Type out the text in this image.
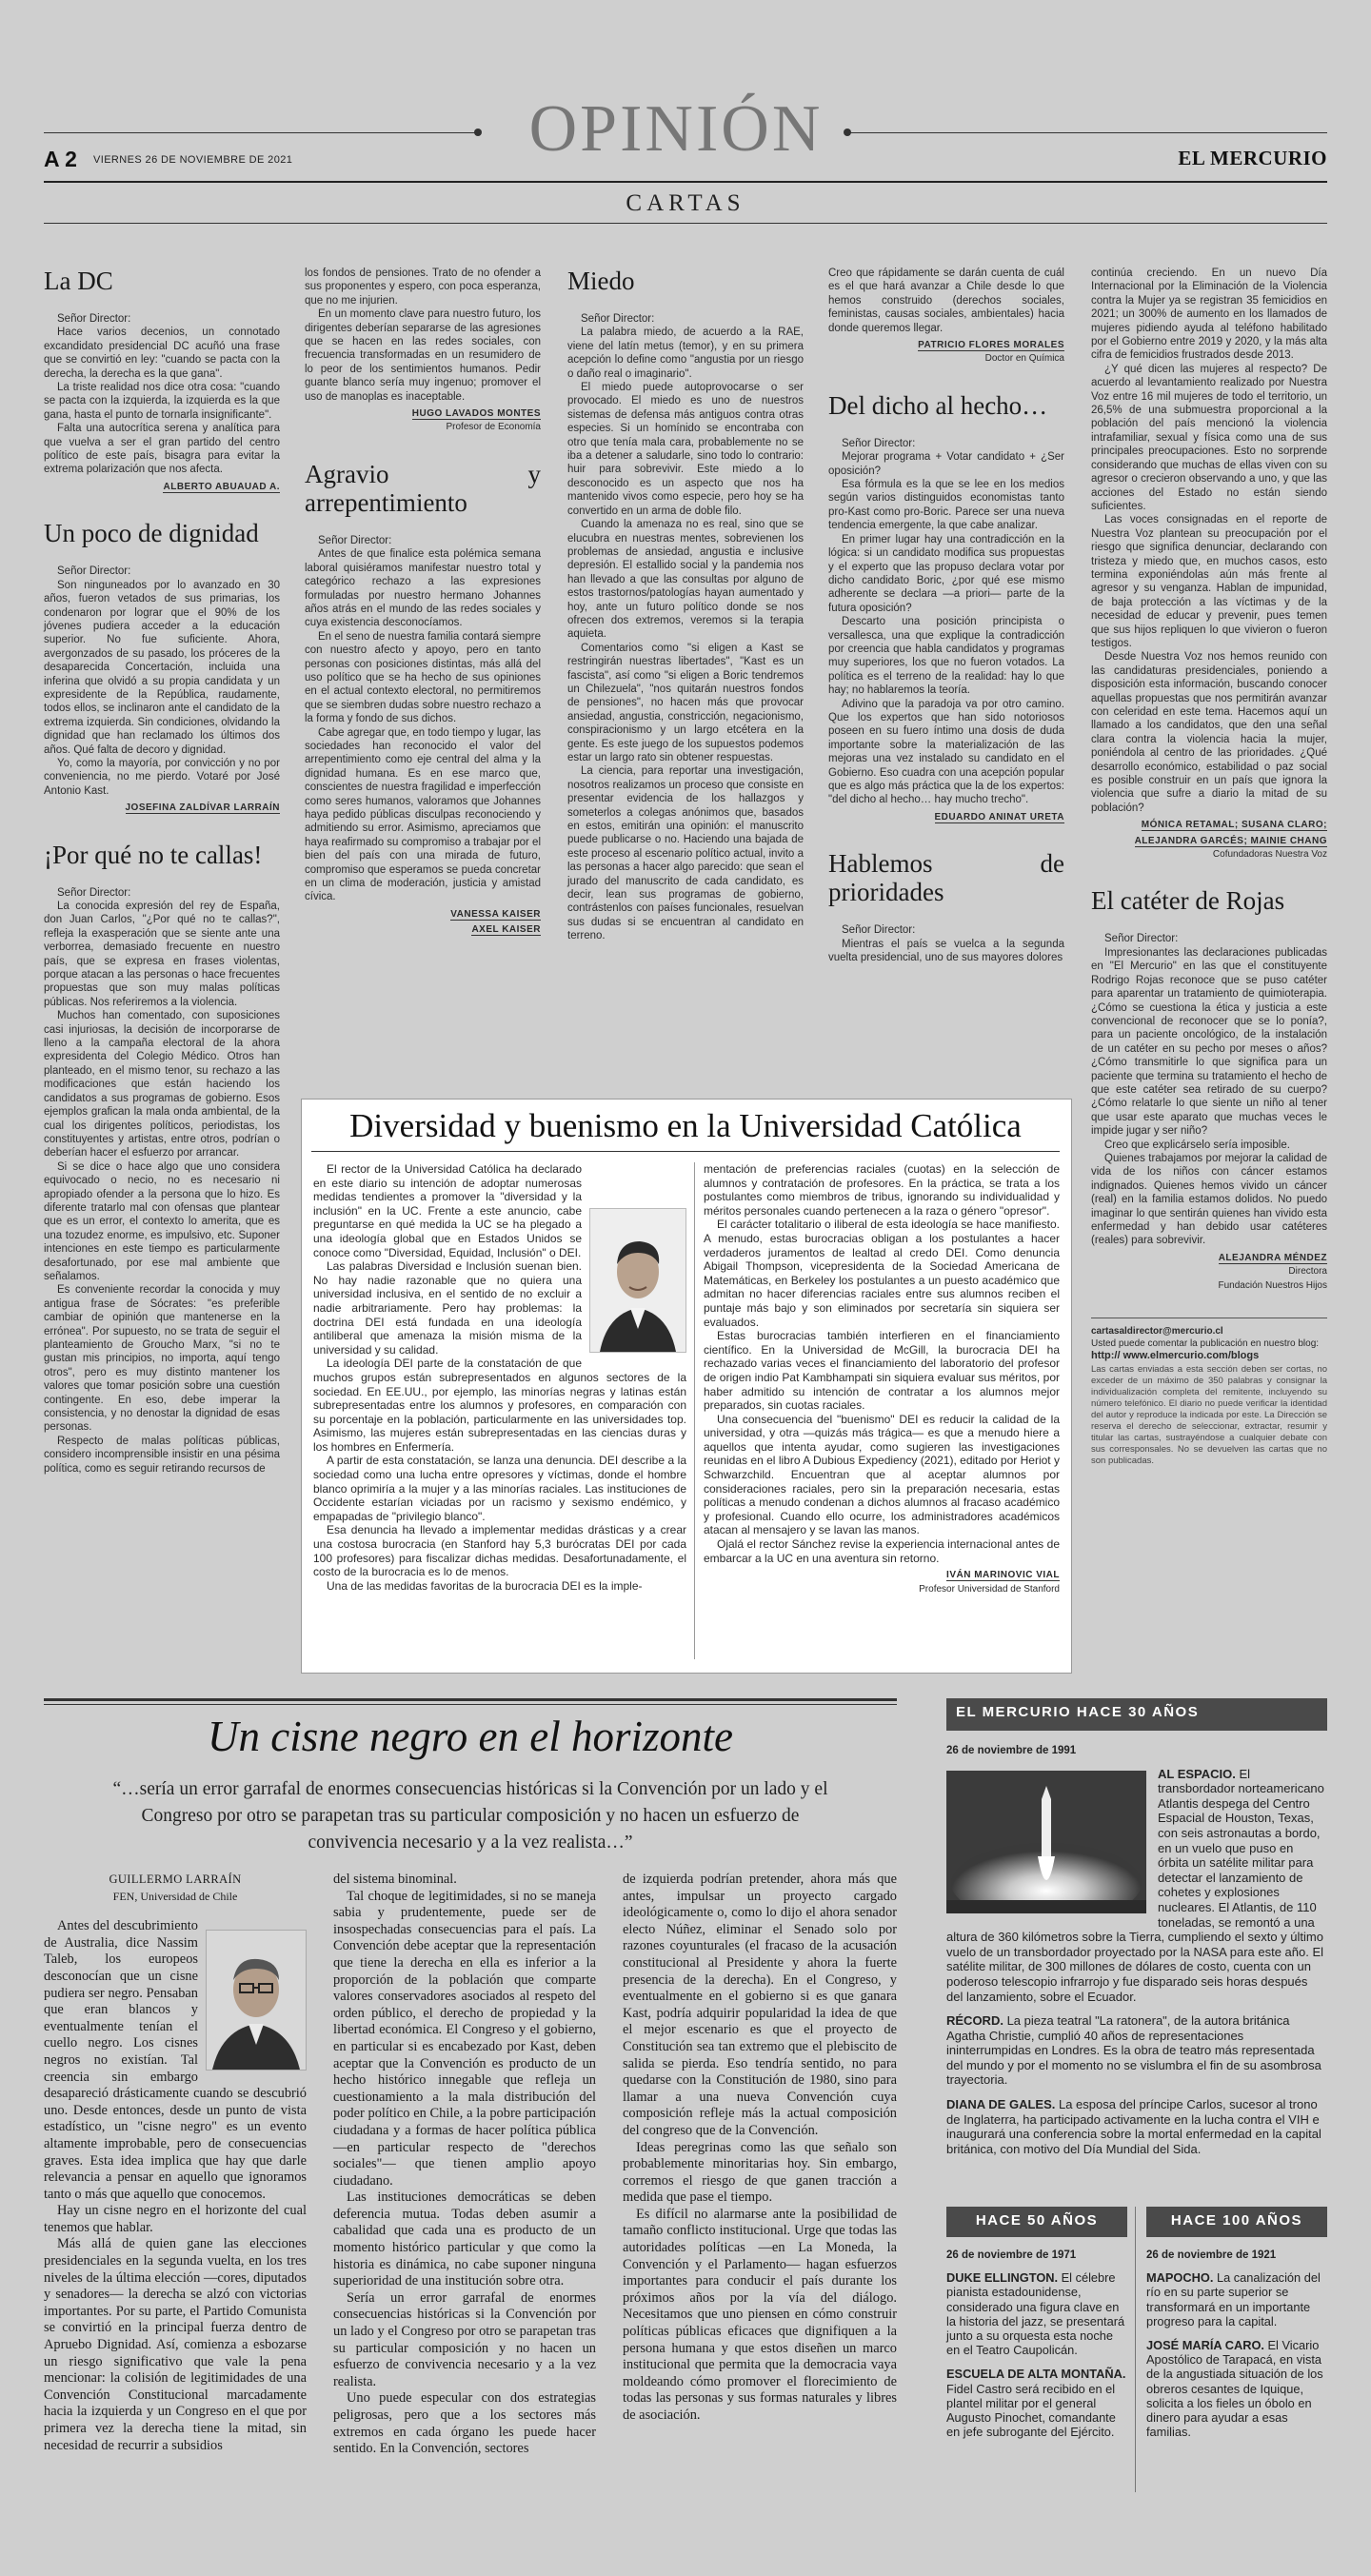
OPINIÓN
A 2 VIERNES 26 DE NOVIEMBRE DE 2021	EL MERCURIO
CARTAS
La DC

Señor Director:

Hace varios decenios, un connotado excandidato presidencial DC acuñó una frase que se convirtió en ley: "cuando se pacta con la derecha, la derecha es la que gana".

La triste realidad nos dice otra cosa: "cuando se pacta con la izquierda, la izquierda es la que gana, hasta el punto de tornarla insignificante".

Falta una autocrítica serena y analítica para que vuelva a ser el gran partido del centro político de este país, bisagra para evitar la extrema polarización que nos afecta.

ALBERTO ABUAUAD A.
Un poco de dignidad

Señor Director:

Son ninguneados por lo avanzado en 30 años, fueron vetados de sus primarias, los condenaron por lograr que el 90% de los jóvenes pudiera acceder a la educación superior. No fue suficiente. Ahora, avergonzados de su pasado, los próceres de la desaparecida Concertación, incluida una inferina que olvidó a su propia candidata y un expresidente de la República, raudamente, todos ellos, se inclinaron ante el candidato de la extrema izquierda. Sin condiciones, olvidando la dignidad que han reclamado los últimos dos años. Qué falta de decoro y dignidad.

Yo, como la mayoría, por convicción y no por conveniencia, no me pierdo. Votaré por José Antonio Kast.

JOSEFINA ZALDÍVAR LARRAÍN
¡Por qué no te callas!

Señor Director:

La conocida expresión del rey de España, don Juan Carlos, "¿Por qué no te callas?", refleja la exasperación que se siente ante una verborrea, demasiado frecuente en nuestro país, que se expresa en frases violentas, porque atacan a las personas o hace frecuentes propuestas que son muy malas políticas públicas. Nos referiremos a la violencia.

Muchos han comentado, con suposiciones casi injuriosas, la decisión de incorporarse de lleno a la campaña electoral de la ahora expresidenta del Colegio Médico. Otros han planteado, en el mismo tenor, su rechazo a las modificaciones que están haciendo los candidatos a sus programas de gobierno. Esos ejemplos grafican la mala onda ambiental, de la cual los dirigentes políticos, periodistas, los constituyentes y artistas, entre otros, podrían o deberían hacer el esfuerzo por arrancar.

Si se dice o hace algo que uno considera equivocado o necio, no es necesario ni apropiado ofender a la persona que lo hizo. Es diferente tratarlo mal con ofensas que plantear que es un error, el contexto lo amerita, que es una tozudez enorme, es impulsivo, etc. Suponer intenciones en este tiempo es particularmente desafortunado, por ese mal ambiente que señalamos.

Es conveniente recordar la conocida y muy antigua frase de Sócrates: "es preferible cambiar de opinión que mantenerse en la errónea". Por supuesto, no se trata de seguir el planteamiento de Groucho Marx, "si no te gustan mis principios, no importa, aquí tengo otros", pero es muy distinto mantener los valores que tomar posición sobre una cuestión contingente. En eso, debe imperar la consistencia, y no denostar la dignidad de esas personas.

Respecto de malas políticas públicas, considero incomprensible insistir en una pésima política, como es seguir retirando recursos de

los fondos de pensiones. Trato de no ofender a sus proponentes y espero, con poca esperanza, que no me injurien.

En un momento clave para nuestro futuro, los dirigentes deberían separarse de las agresiones que se hacen en las redes sociales, con frecuencia transformadas en un resumidero de lo peor de los sentimientos humanos. Pedir guante blanco sería muy ingenuo; promover el uso de manoplas es inaceptable.

HUGO LAVADOS MONTES
Profesor de Economía
Agravio y arrepentimiento

Señor Director:

Antes de que finalice esta polémica semana laboral quisiéramos manifestar nuestro total y categórico rechazo a las expresiones formuladas por nuestro hermano Johannes años atrás en el mundo de las redes sociales y cuya existencia desconocíamos.

En el seno de nuestra familia contará siempre con nuestro afecto y apoyo, pero en tanto personas con posiciones distintas, más allá del uso político que se ha hecho de sus opiniones en el actual contexto electoral, no permitiremos que se siembren dudas sobre nuestro rechazo a la forma y fondo de sus dichos.

Cabe agregar que, en todo tiempo y lugar, las sociedades han reconocido el valor del arrepentimiento como eje central del alma y la dignidad humana. Es en ese marco que, conscientes de nuestra fragilidad e imperfección como seres humanos, valoramos que Johannes haya pedido públicas disculpas reconociendo y admitiendo su error. Asimismo, apreciamos que haya reafirmado su compromiso a trabajar por el bien del país con una mirada de futuro, compromiso que esperamos se pueda concretar en un clima de moderación, justicia y amistad cívica.

VANESSA KAISER
AXEL KAISER
Miedo

Señor Director:

La palabra miedo, de acuerdo a la RAE, viene del latín metus (temor), y en su primera acepción lo define como "angustia por un riesgo o daño real o imaginario".

El miedo puede autoprovocarse o ser provocado. El miedo es uno de nuestros sistemas de defensa más antiguos contra otras especies. Si un homínido se encontraba con otro que tenía mala cara, probablemente no se iba a detener a saludarle, sino todo lo contrario: huir para sobrevivir. Este miedo a lo desconocido es un aspecto que nos ha mantenido vivos como especie, pero hoy se ha convertido en un arma de doble filo.

Cuando la amenaza no es real, sino que se elucubra en nuestras mentes, sobrevienen los problemas de ansiedad, angustia e inclusive depresión. El estallido social y la pandemia nos han llevado a que las consultas por alguno de estos trastornos/patologías hayan aumentado y hoy, ante un futuro político donde se nos ofrecen dos extremos, veremos si la terapia aquieta.

Comentarios como "si eligen a Kast se restringirán nuestras libertades", "Kast es un fascista", así como "si eligen a Boric tendremos un Chilezuela", "nos quitarán nuestros fondos de pensiones", no hacen más que provocar ansiedad, angustia, constricción, negacionismo, conspiracionismo y un largo etcétera en la gente. Es este juego de los supuestos podemos estar un largo rato sin obtener respuestas.

La ciencia, para reportar una investigación, nosotros realizamos un proceso que consiste en presentar evidencia de los hallazgos y someterlos a colegas anónimos que, basados en estos, emitirán una opinión: el manuscrito puede publicarse o no. Haciendo una bajada de este proceso al escenario político actual, invito a las personas a hacer algo parecido: que sean el jurado del manuscrito de cada candidato, es decir, lean sus programas de gobierno, contrástenlos con países funcionales, resuelvan sus dudas si se encuentran al candidato en terreno.

Creo que rápidamente se darán cuenta de cuál es el que hará avanzar a Chile desde lo que hemos construido (derechos sociales, feministas, causas sociales, ambientales) hacia donde queremos llegar.

PATRICIO FLORES MORALES
Doctor en Química
Del dicho al hecho…

Señor Director:

Mejorar programa + Votar candidato + ¿Ser oposición?

Esa fórmula es la que se lee en los medios según varios distinguidos economistas tanto pro-Kast como pro-Boric. Parece ser una nueva tendencia emergente, la que cabe analizar.

En primer lugar hay una contradicción en la lógica: si un candidato modifica sus propuestas y el experto que las propuso declara votar por dicho candidato Boric, ¿por qué ese mismo adherente se declara —a priori— parte de la futura oposición?

Descarto una posición principista o versallesca, una que explique la contradicción por creencia que habla candidatos y programas muy superiores, los que no fueron votados. La política es el terreno de la realidad: hay lo que hay; no hablaremos la teoría.

Adivino que la paradoja va por otro camino. Que los expertos que han sido notoriosos poseen en su fuero íntimo una dosis de duda importante sobre la materialización de las mejoras una vez instalado su candidato en el Gobierno. Eso cuadra con una acepción popular que es algo más práctica que la de los expertos: "del dicho al hecho… hay mucho trecho".

EDUARDO ANINAT URETA
Hablemos de prioridades

Señor Director:

Mientras el país se vuelca a la segunda vuelta presidencial, uno de sus mayores dolores

continúa creciendo. En un nuevo Día Internacional por la Eliminación de la Violencia contra la Mujer ya se registran 35 femicidios en 2021; un 300% de aumento en los llamados de mujeres pidiendo ayuda al teléfono habilitado por el Gobierno entre 2019 y 2020, y la más alta cifra de femicidios frustrados desde 2013.

¿Y qué dicen las mujeres al respecto? De acuerdo al levantamiento realizado por Nuestra Voz entre 16 mil mujeres de todo el territorio, un 26,5% de una submuestra proporcional a la población del país mencionó la violencia intrafamiliar, sexual y física como una de sus principales preocupaciones. Esto no sorprende considerando que muchas de ellas viven con su agresor o crecieron observando a uno, y que las acciones del Estado no están siendo suficientes.

Las voces consignadas en el reporte de Nuestra Voz plantean su preocupación por el riesgo que significa denunciar, declarando con tristeza y miedo que, en muchos casos, esto termina exponiéndolas aún más frente al agresor y su venganza. Hablan de impunidad, de baja protección a las víctimas y de la necesidad de educar y prevenir, pues temen que sus hijos repliquen lo que vivieron o fueron testigos.

Desde Nuestra Voz nos hemos reunido con las candidaturas presidenciales, poniendo a disposición esta información, buscando conocer aquellas propuestas que nos permitirán avanzar con celeridad en este tema. Hacemos aquí un llamado a los candidatos, que den una señal clara contra la violencia hacia la mujer, poniéndola al centro de las prioridades. ¿Qué desarrollo económico, estabilidad o paz social es posible construir en un país que ignora la violencia que sufre a diario la mitad de su población?

MÓNICA RETAMAL; SUSANA CLARO;
ALEJANDRA GARCÉS; MAINIE CHANG
Cofundadoras Nuestra Voz
El catéter de Rojas

Señor Director:

Impresionantes las declaraciones publicadas en "El Mercurio" en las que el constituyente Rodrigo Rojas reconoce que se puso catéter para aparentar un tratamiento de quimioterapia. ¿Cómo se cuestiona la ética y justicia a este convencional de reconocer que se lo ponía?, para un paciente oncológico, de la instalación de un catéter en su pecho por meses o años? ¿Cómo transmitirle lo que significa para un paciente que termina su tratamiento el hecho de que este catéter sea retirado de su cuerpo? ¿Cómo relatarle lo que siente un niño al tener que usar este aparato que muchas veces le impide jugar y ser niño?

Creo que explicárselo sería imposible.

Quienes trabajamos por mejorar la calidad de vida de los niños con cáncer estamos indignados. Quienes hemos vivido un cáncer (real) en la familia estamos dolidos. No puedo imaginar lo que sentirán quienes han vivido esta enfermedad y han debido usar catéteres (reales) para sobrevivir.

ALEJANDRA MÉNDEZ
Directora
Fundación Nuestros Hijos
cartasaldirector@mercurio.cl
Usted puede comentar la publicación en nuestro blog:
http:// www.elmercurio.com/blogs
Las cartas enviadas a esta sección deben ser cortas, no exceder de un máximo de 350 palabras y consignar la individualización completa del remitente, incluyendo su número telefónico. El diario no puede verificar la identidad del autor y reproduce la indicada por este. La Dirección se reserva el derecho de seleccionar, extractar, resumir y titular las cartas, sustrayéndose a cualquier debate con sus corresponsales. No se devuelven las cartas que no son publicadas.
Diversidad y buenismo en la Universidad Católica

El rector de la Universidad Católica ha declarado en este diario su intención de adoptar numerosas medidas tendientes a promover la "diversidad y la inclusión" en la UC. Frente a este anuncio, cabe preguntarse en qué medida la UC se ha plegado a una ideología global que en Estados Unidos se conoce como "Diversidad, Equidad, Inclusión" o DEI.

Las palabras Diversidad e Inclusión suenan bien. No hay nadie razonable que no quiera una universidad inclusiva, en el sentido de no excluir a nadie arbitrariamente. Pero hay problemas: la doctrina DEI está fundada en una ideología antiliberal que amenaza la misión misma de la universidad y su calidad.

La ideología DEI parte de la constatación de que muchos grupos están subrepresentados en algunos sectores de la sociedad. En EE.UU., por ejemplo, las minorías negras y latinas están subrepresentadas entre los alumnos y profesores, en comparación con su porcentaje en la población, particularmente en las universidades top. Asimismo, las mujeres están subrepresentadas en las ciencias duras y los hombres en Enfermería.

A partir de esta constatación, se lanza una denuncia. DEI describe a la sociedad como una lucha entre opresores y víctimas, donde el hombre blanco oprimiría a la mujer y a las minorías raciales. Las instituciones de Occidente estarían viciadas por un racismo y sexismo endémico, y empapadas de "privilegio blanco".

Esa denuncia ha llevado a implementar medidas drásticas y a crear una costosa burocracia (en Stanford hay 5,3 burócratas DEI por cada 100 profesores) para fiscalizar dichas medidas. Desafortunadamente, el costo de la burocracia es lo de menos.

Una de las medidas favoritas de la burocracia DEI es la imple-

mentación de preferencias raciales (cuotas) en la selección de alumnos y contratación de profesores. En la práctica, se trata a los postulantes como miembros de tribus, ignorando su individualidad y méritos personales cuando pertenecen a la raza o género "opresor".

El carácter totalitario o iliberal de esta ideología se hace manifiesto. A menudo, estas burocracias obligan a los postulantes a hacer verdaderos juramentos de lealtad al credo DEI. Como denuncia Abigail Thompson, vicepresidenta de la Sociedad Americana de Matemáticas, en Berkeley los postulantes a un puesto académico que admitan no hacer diferencias raciales entre sus alumnos reciben el puntaje más bajo y son eliminados por secretaría sin siquiera ser evaluados.

Estas burocracias también interfieren en el financiamiento científico. En la Universidad de McGill, la burocracia DEI ha rechazado varias veces el financiamiento del laboratorio del profesor de origen indio Pat Kambhampati sin siquiera evaluar sus méritos, por haber admitido su intención de contratar a los alumnos mejor preparados, sin cuotas raciales.

Una consecuencia del "buenismo" DEI es reducir la calidad de la universidad, y otra —quizás más trágica— es que a menudo hiere a aquellos que intenta ayudar, como sugieren las investigaciones reunidas en el libro A Dubious Expediency (2021), editado por Heriot y Schwarzchild. Encuentran que al aceptar alumnos por consideraciones raciales, pero sin la preparación necesaria, estas políticas a menudo condenan a dichos alumnos al fracaso académico y profesional. Cuando ello ocurre, los administradores académicos atacan al mensajero y se lavan las manos.

Ojalá el rector Sánchez revise la experiencia internacional antes de embarcar a la UC en una aventura sin retorno.

IVÁN MARINOVIC VIAL
Profesor Universidad de Stanford
Un cisne negro en el horizonte
“…sería un error garrafal de enormes consecuencias históricas si la Convención por un lado y el Congreso por otro se parapetan tras su particular composición y no hacen un esfuerzo de convivencia necesario y a la vez realista…”
GUILLERMO LARRAÍN
FEN, Universidad de Chile

Antes del descubrimiento de Australia, dice Nassim Taleb, los europeos desconocían que un cisne pudiera ser negro. Pensaban que eran blancos y eventualmente tenían el cuello negro. Los cisnes negros no existían. Tal creencia sin embargo desapareció drásticamente cuando se descubrió uno. Desde entonces, desde un punto de vista estadístico, un "cisne negro" es un evento altamente improbable, pero de consecuencias graves. Esta idea implica que hay que darle relevancia a pensar en aquello que ignoramos tanto o más que aquello que conocemos.

Hay un cisne negro en el horizonte del cual tenemos que hablar.

Más allá de quien gane las elecciones presidenciales en la segunda vuelta, en los tres niveles de la última elección —cores, diputados y senadores— la derecha se alzó con victorias importantes. Por su parte, el Partido Comunista se convirtió en la principal fuerza dentro de Apruebo Dignidad. Así, comienza a esbozarse un riesgo significativo que vale la pena mencionar: la colisión de legitimidades de una Convención Constitucional marcadamente hacia la izquierda y un Congreso en el que por primera vez la derecha tiene la mitad, sin necesidad de recurrir a subsidios

del sistema binominal.

Tal choque de legitimidades, si no se maneja sabia y prudentemente, puede ser de insospechadas consecuencias para el país. La Convención debe aceptar que la representación que tiene la derecha en ella es inferior a la proporción de la población que comparte valores conservadores asociados al respeto del orden público, el derecho de propiedad y la libertad económica. El Congreso y el gobierno, en particular si es encabezado por Kast, deben aceptar que la Convención es producto de un hecho histórico innegable que refleja un cuestionamiento a la mala distribución del poder político en Chile, a la pobre participación ciudadana y a formas de hacer política pública —en particular respecto de "derechos sociales"— que tienen amplio apoyo ciudadano.

Las instituciones democráticas se deben deferencia mutua. Todas deben asumir a cabalidad que cada una es producto de un momento histórico particular y que como la historia es dinámica, no cabe suponer ninguna superioridad de una institución sobre otra.

Sería un error garrafal de enormes consecuencias históricas si la Convención por un lado y el Congreso por otro se parapetan tras su particular composición y no hacen un esfuerzo de convivencia necesario y a la vez realista.

Uno puede especular con dos estrategias peligrosas, pero que a los sectores más extremos en cada órgano les puede hacer sentido. En la Convención, sectores

de izquierda podrían pretender, ahora más que antes, impulsar un proyecto cargado ideológicamente o, como lo dijo el ahora senador electo Núñez, eliminar el Senado solo por razones coyunturales (el fracaso de la acusación constitucional al Presidente y ahora la fuerte presencia de la derecha). En el Congreso, y eventualmente en el gobierno si es que ganara Kast, podría adquirir popularidad la idea de que el mejor escenario es que el proyecto de Constitución sea tan extremo que el plebiscito de salida se pierda. Eso tendría sentido, no para quedarse con la Constitución de 1980, sino para llamar a una nueva Convención cuya composición refleje más la actual composición del congreso que de la Convención.

Ideas peregrinas como las que señalo son probablemente minoritarias hoy. Sin embargo, corremos el riesgo de que ganen tracción a medida que pase el tiempo.

Es difícil no alarmarse ante la posibilidad de tamaño conflicto institucional. Urge que todas las autoridades políticas —en La Moneda, la Convención y el Parlamento— hagan esfuerzos importantes para conducir el país durante los próximos años por la vía del diálogo. Necesitamos que uno piensen en cómo construir políticas públicas eficaces que dignifiquen a la persona humana y que estos diseñen un marco institucional que permita que la democracia vaya moldeando cómo promover el florecimiento de todas las personas y sus formas naturales y libres de asociación.

EL MERCURIO HACE 30 AÑOS
26 de noviembre de 1991

AL ESPACIO. El transbordador norteamericano Atlantis despega del Centro Espacial de Houston, Texas, con seis astronautas a bordo, en un vuelo que puso en órbita un satélite militar para detectar el lanzamiento de cohetes y explosiones nucleares. El Atlantis, de 110 toneladas, se remontó a una altura de 360 kilómetros sobre la Tierra, cumpliendo el sexto y último vuelo de un transbordador proyectado por la NASA para este año. El satélite militar, de 300 millones de dólares de costo, cuenta con un poderoso telescopio infrarrojo y fue disparado seis horas después del lanzamiento, sobre el Ecuador.

RÉCORD. La pieza teatral "La ratonera", de la autora británica Agatha Christie, cumplió 40 años de representaciones ininterrumpidas en Londres. Es la obra de teatro más representada del mundo y por el momento no se vislumbra el fin de su asombrosa trayectoria.

DIANA DE GALES. La esposa del príncipe Carlos, sucesor al trono de Inglaterra, ha participado activamente en la lucha contra el VIH e inaugurará una conferencia sobre la mortal enfermedad en la capital británica, con motivo del Día Mundial del Sida.

HACE 50 AÑOS
26 de noviembre de 1971

DUKE ELLINGTON. El célebre pianista estadounidense, considerado una figura clave en la historia del jazz, se presentará junto a su orquesta esta noche en el Teatro Caupolicán.

ESCUELA DE ALTA MONTAÑA. Fidel Castro será recibido en el plantel militar por el general Augusto Pinochet, comandante en jefe subrogante del Ejército.

HACE 100 AÑOS
26 de noviembre de 1921

MAPOCHO. La canalización del río en su parte superior se transformará en un importante progreso para la capital.

JOSÉ MARÍA CARO. El Vicario Apostólico de Tarapacá, en vista de la angustiada situación de los obreros cesantes de Iquique, solicita a los fieles un óbolo en dinero para ayudar a esas familias.
